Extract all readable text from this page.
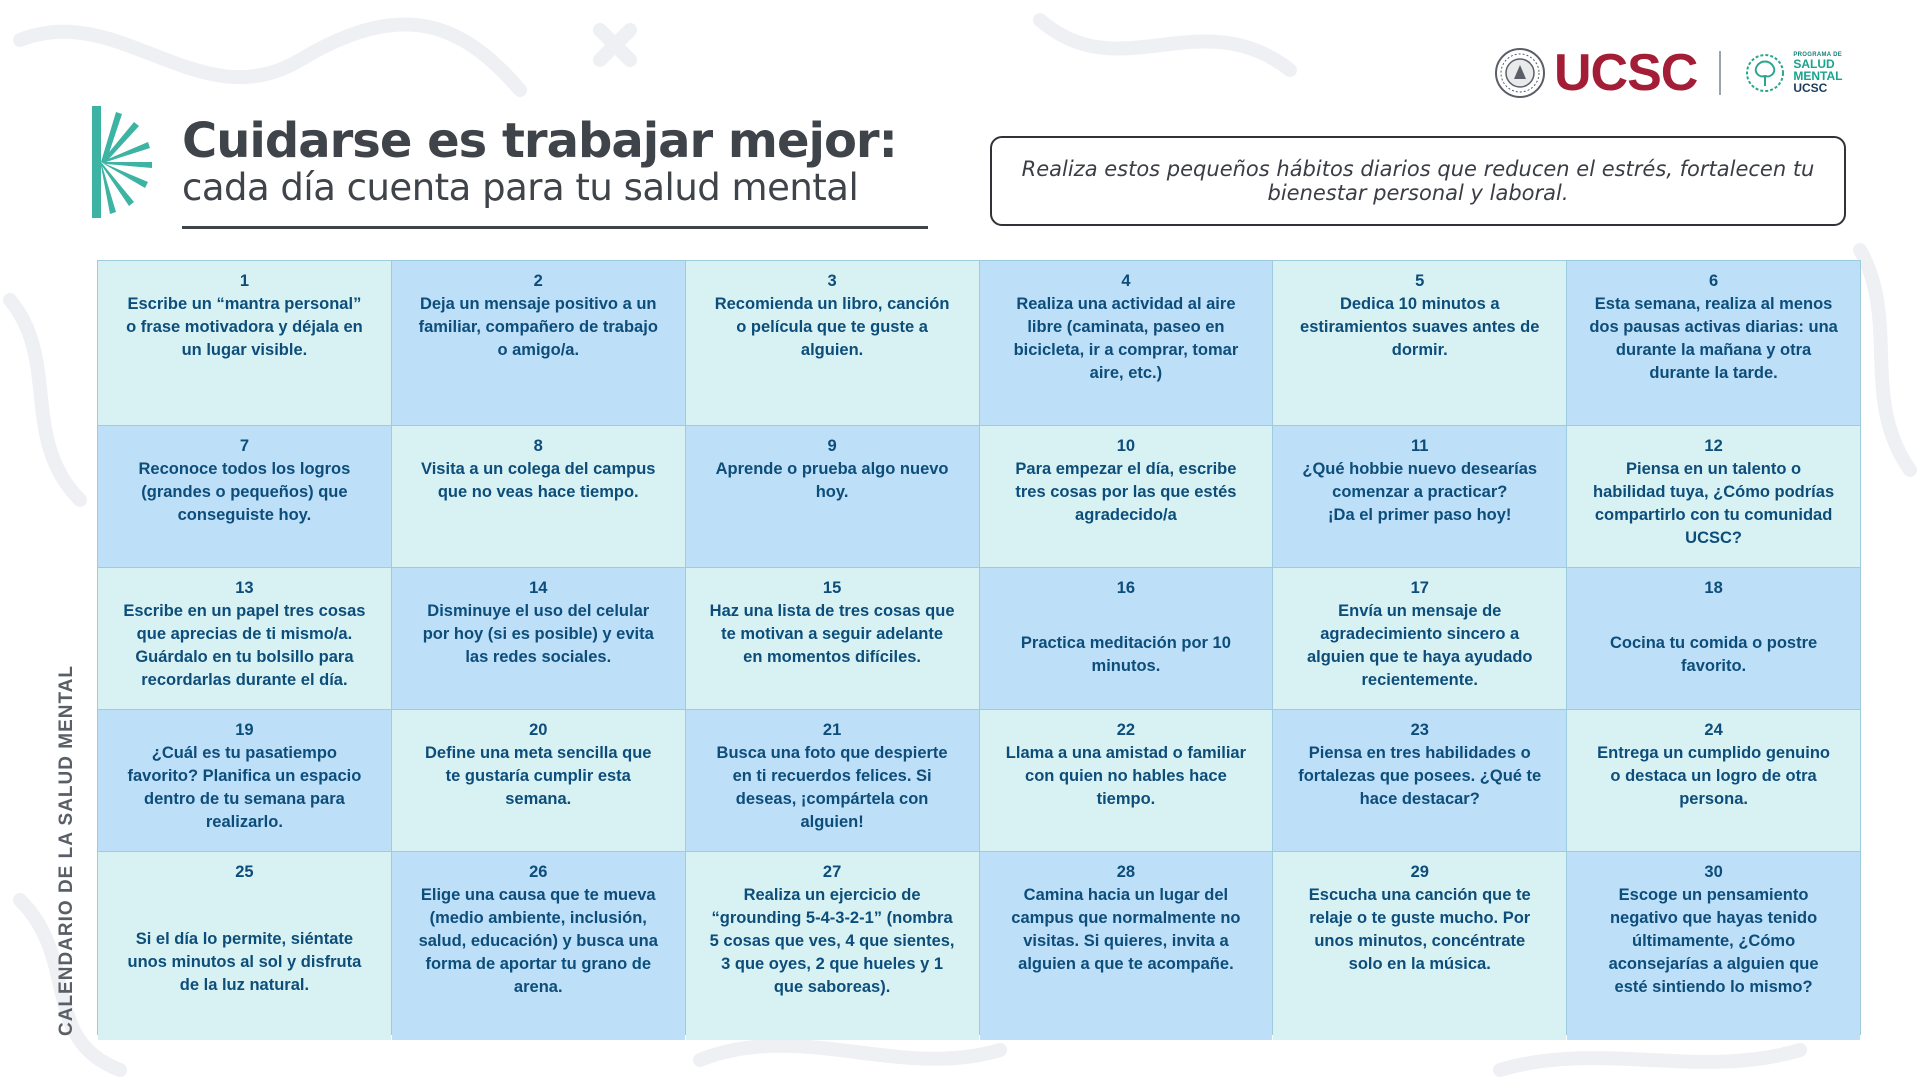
UCSC	PROGRAMA DE
SALUD
MENTAL
UCSC
Cuidarse es trabajar mejor:
cada día cuenta para tu salud mental	Realiza estos pequeños hábitos diarios que reducen el estrés, fortalecen tu bienestar personal y laboral.

CALENDARIO DE LA SALUD MENTAL
1
Escribe un “mantra personal”
o frase motivadora y déjala en
un lugar visible.
2
Deja un mensaje positivo a un
familiar, compañero de trabajo
o amigo/a.
3
Recomienda un libro, canción
o película que te guste a
alguien.
4
Realiza una actividad al aire
libre (caminata, paseo en
bicicleta, ir a comprar, tomar
aire, etc.)
5
Dedica 10 minutos a
estiramientos suaves antes de
dormir.
6
Esta semana, realiza al menos
dos pausas activas diarias: una
durante la mañana y otra
durante la tarde.
7
Reconoce todos los logros
(grandes o pequeños) que
conseguiste hoy.
8
Visita a un colega del campus
que no veas hace tiempo.
9
Aprende o prueba algo nuevo
hoy.
10
Para empezar el día, escribe
tres cosas por las que estés
agradecido/a
11
¿Qué hobbie nuevo desearías
comenzar a practicar?
¡Da el primer paso hoy!
12
Piensa en un talento o
habilidad tuya, ¿Cómo podrías
compartirlo con tu comunidad
UCSC?
13
Escribe en un papel tres cosas
que aprecias de ti mismo/a.
Guárdalo en tu bolsillo para
recordarlas durante el día.
14
Disminuye el uso del celular
por hoy (si es posible) y evita
las redes sociales.
15
Haz una lista de tres cosas que
te motivan a seguir adelante
en momentos difíciles.
16
Practica meditación por 10
minutos.
17
Envía un mensaje de
agradecimiento sincero a
alguien que te haya ayudado
recientemente.
18
Cocina tu comida o postre
favorito.
19
¿Cuál es tu pasatiempo
favorito? Planifica un espacio
dentro de tu semana para
realizarlo.
20
Define una meta sencilla que
te gustaría cumplir esta
semana.
21
Busca una foto que despierte
en ti recuerdos felices. Si
deseas, ¡compártela con
alguien!
22
Llama a una amistad o familiar
con quien no hables hace
tiempo.
23
Piensa en tres habilidades o
fortalezas que posees. ¿Qué te
hace destacar?
24
Entrega un cumplido genuino
o destaca un logro de otra
persona.
25
Si el día lo permite, siéntate
unos minutos al sol y disfruta
de la luz natural.
26
Elige una causa que te mueva
(medio ambiente, inclusión,
salud, educación) y busca una
forma de aportar tu grano de
arena.
27
Realiza un ejercicio de
“grounding 5-4-3-2-1” (nombra
5 cosas que ves, 4 que sientes,
3 que oyes, 2 que hueles y 1
que saboreas).
28
Camina hacia un lugar del
campus que normalmente no
visitas. Si quieres, invita a
alguien a que te acompañe.
29
Escucha una canción que te
relaje o te guste mucho. Por
unos minutos, concéntrate
solo en la música.
30
Escoge un pensamiento
negativo que hayas tenido
últimamente, ¿Cómo
aconsejarías a alguien que
esté sintiendo lo mismo?
